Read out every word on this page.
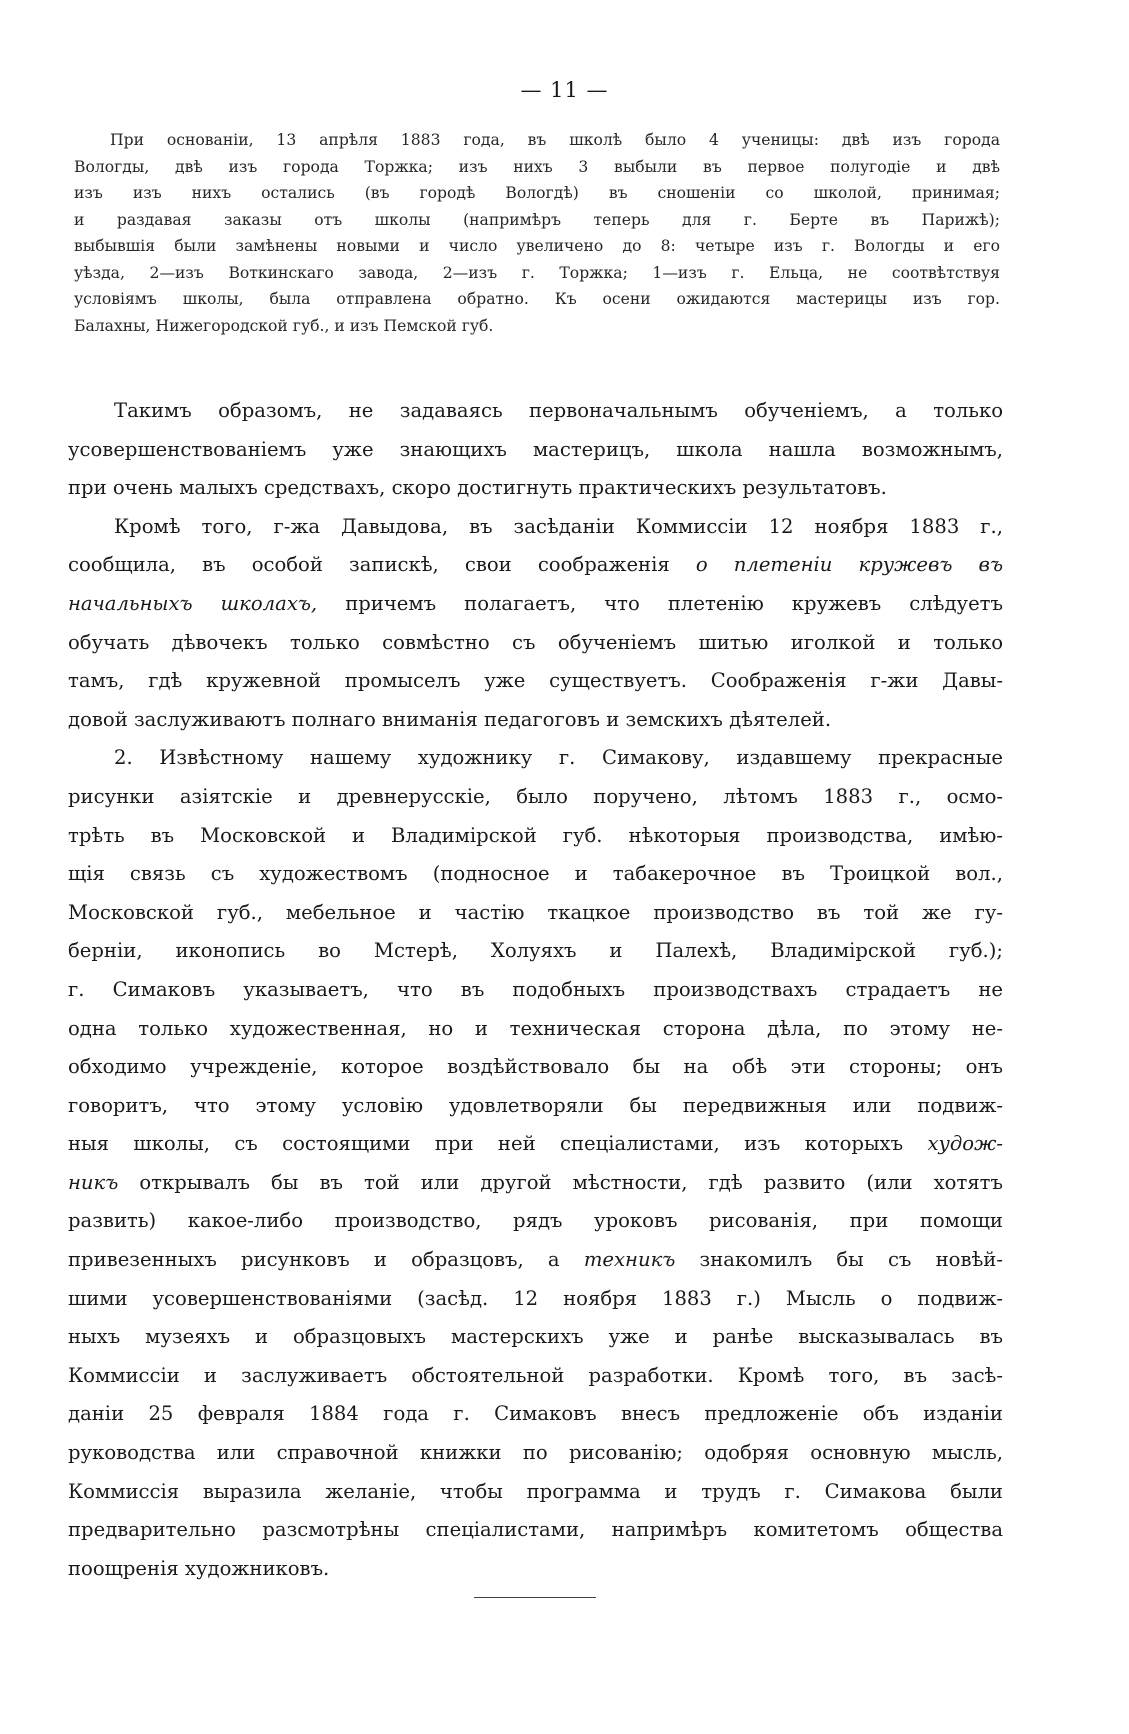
— 11 —
При основаніи, 13 апрѣля 1883 года, въ школѣ было 4 ученицы: двѣ изъ города
Вологды, двѣ изъ города Торжка; изъ нихъ 3 выбыли въ первое полугодіе и двѣ
изъ изъ нихъ остались (въ городѣ Вологдѣ) въ сношеніи со школой, принимая;
и раздавая заказы отъ школы (напримѣръ теперь для г. Берте въ Парижѣ);
выбывшія были замѣнены новыми и число увеличено до 8: четыре изъ г. Вологды и его
уѣзда, 2—изъ Воткинскаго завода, 2—изъ г. Торжка; 1—изъ г. Ельца, не соотвѣтствуя
условіямъ школы, была отправлена обратно. Къ осени ожидаются мастерицы изъ гор.
Балахны, Нижегородской губ., и изъ Пемской губ.
Такимъ образомъ, не задаваясь первоначальнымъ обученіемъ, а только
усовершенствованіемъ уже знающихъ мастерицъ, школа нашла возможнымъ,
при очень малыхъ средствахъ, скоро достигнуть практическихъ результатовъ.
Кромѣ того, г-жа Давыдова, въ засѣданіи Коммиссіи 12 ноября 1883 г.,
сообщила, въ особой запискѣ, свои соображенія о плетеніи кружевъ въ
начальныхъ школахъ, причемъ полагаетъ, что плетенію кружевъ слѣдуетъ
обучать дѣвочекъ только совмѣстно съ обученіемъ шитью иголкой и только
тамъ, гдѣ кружевной промыселъ уже существуетъ. Соображенія г-жи Давы-
довой заслуживаютъ полнаго вниманія педагоговъ и земскихъ дѣятелей.
2. Извѣстному нашему художнику г. Симакову, издавшему прекрасные
рисунки азіятскіе и древнерусскіе, было поручено, лѣтомъ 1883 г., осмо-
трѣть въ Московской и Владимірской губ. нѣкоторыя производства, имѣю-
щія связь съ художествомъ (подносное и табакерочное въ Троицкой вол.,
Московской губ., мебельное и частію ткацкое производство въ той же гу-
берніи, иконопись во Мстерѣ, Холуяхъ и Палехѣ, Владимірской губ.);
г. Симаковъ указываетъ, что въ подобныхъ производствахъ страдаетъ не
одна только художественная, но и техническая сторона дѣла, по этому не-
обходимо учрежденіе, которое воздѣйствовало бы на обѣ эти стороны; онъ
говоритъ, что этому условію удовлетворяли бы передвижныя или подвиж-
ныя школы, съ состоящими при ней спеціалистами, изъ которыхъ худож-
никъ открывалъ бы въ той или другой мѣстности, гдѣ развито (или хотятъ
развить) какое-либо производство, рядъ уроковъ рисованія, при помощи
привезенныхъ рисунковъ и образцовъ, а техникъ знакомилъ бы съ новѣй-
шими усовершенствованіями (засѣд. 12 ноября 1883 г.) Мысль о подвиж-
ныхъ музеяхъ и образцовыхъ мастерскихъ уже и ранѣе высказывалась въ
Коммиссіи и заслуживаетъ обстоятельной разработки. Кромѣ того, въ засѣ-
даніи 25 февраля 1884 года г. Симаковъ внесъ предложеніе объ изданіи
руководства или справочной книжки по рисованію; одобряя основную мысль,
Коммиссія выразила желаніе, чтобы программа и трудъ г. Симакова были
предварительно разсмотрѣны спеціалистами, напримѣръ комитетомъ общества
поощренія художниковъ.
